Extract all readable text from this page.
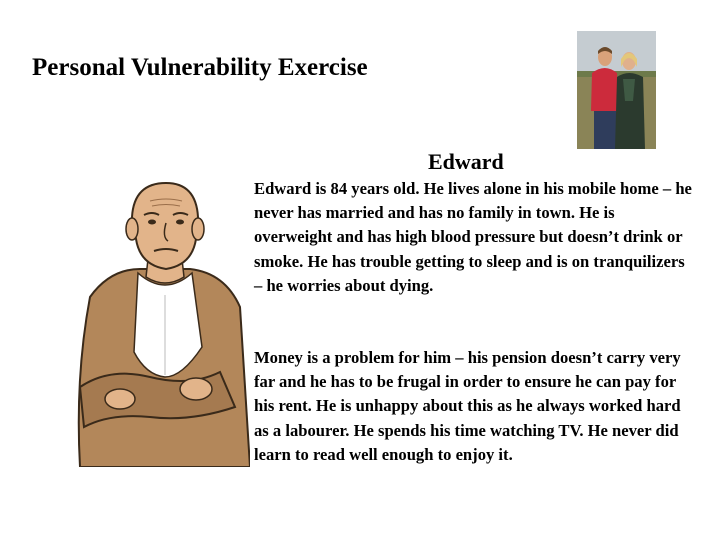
Personal Vulnerability Exercise
Edward

Edward is 84 years old. He lives alone in his mobile home – he never has married and has no family in town. He is overweight and has high blood pressure but doesn’t drink or smoke. He has trouble getting to sleep and is on tranquilizers – he worries about dying.

Money is a problem for him – his pension doesn’t carry very far and he has to be frugal in order to ensure he can pay for his rent. He is unhappy about this as he always worked hard as a labourer. He spends his time watching TV. He never did learn to read well enough to enjoy it.
